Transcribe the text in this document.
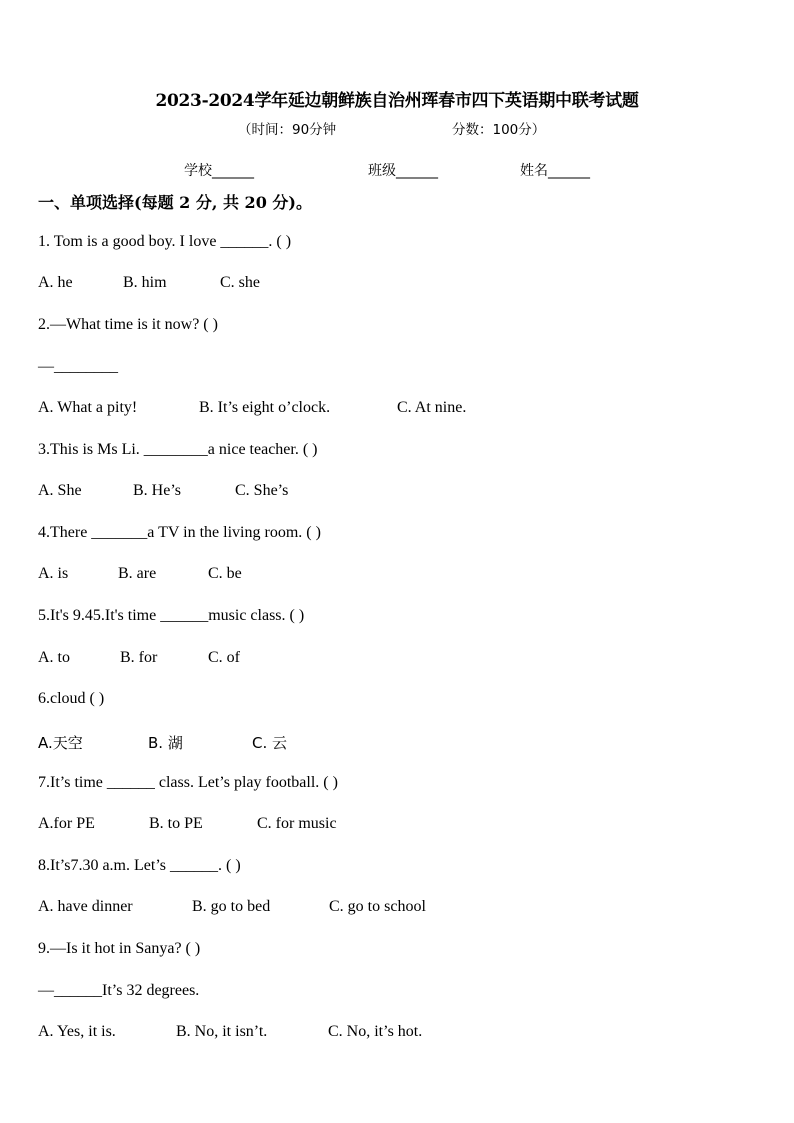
2023-2024学年延边朝鲜族自治州珲春市四下英语期中联考试题
（时间：90分钟	分数：100分）
学校______	班级______	姓名______
一、单项选择(每题 2 分, 共 20 分)。
1. Tom is a good boy. I love ______. ( )
A. he	B. him	C. she
2.—What time is it now? ( )
—________
A. What a pity!	B. It’s eight o’clock.	C. At nine.
3.This is Ms Li. ________a nice teacher. ( )
A. She	B. He’s	C. She’s
4.There _______a TV in the living room. ( )
A. is	B. are	C. be
5.It's 9.45.It's time ______music class. ( )
A. to	B. for	C. of
6.cloud ( )
A.天空	B. 湖	C. 云
7.It’s time ______ class. Let’s play football. ( )
A.for PE	B. to PE	C. for music
8.It’s7.30 a.m. Let’s ______. ( )
A. have dinner	B. go to bed	C. go to school
9.—Is it hot in Sanya? ( )
—______It’s 32 degrees.
A. Yes, it is.	B. No, it isn’t.	C. No, it’s hot.
